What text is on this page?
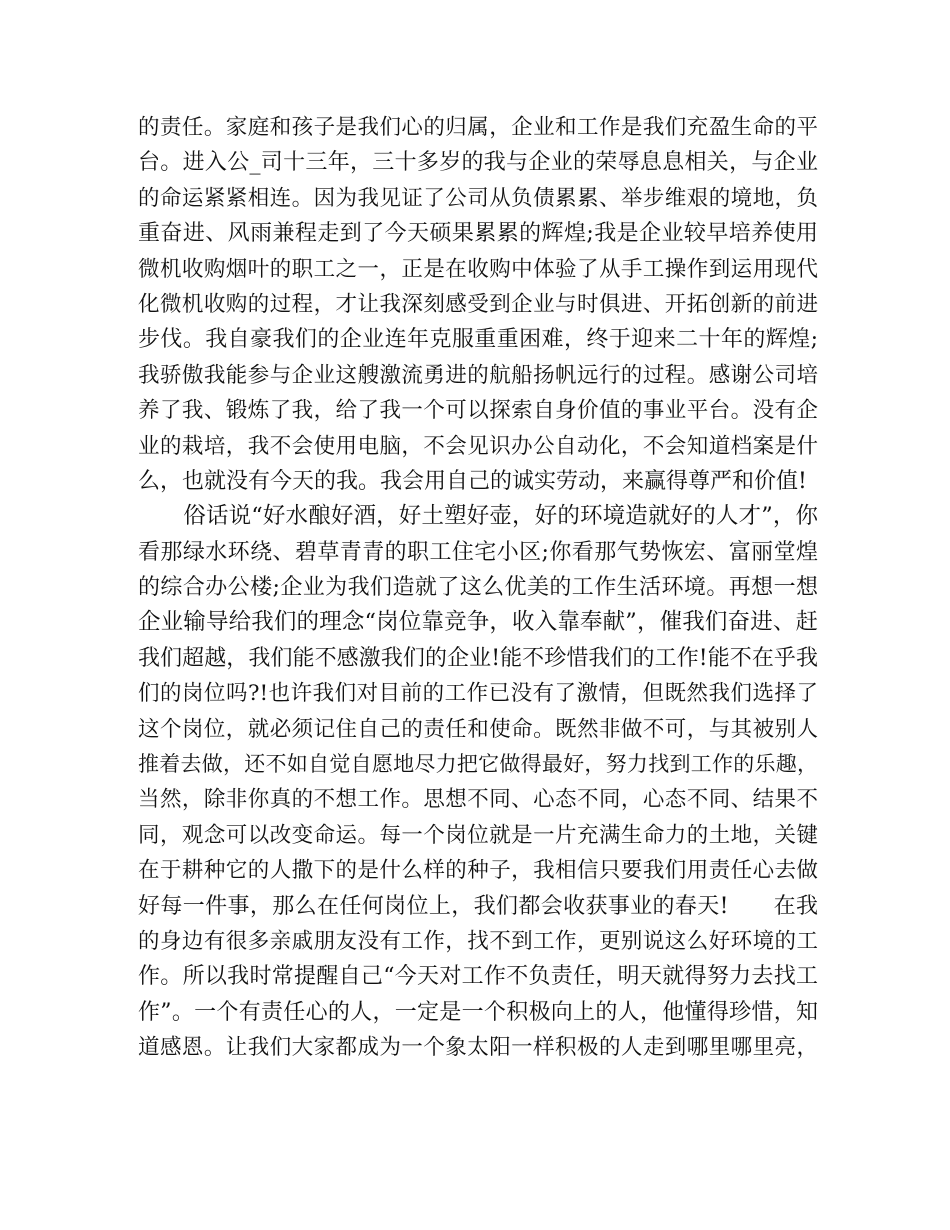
的责任。家庭和孩子是我们心的归属，企业和工作是我们充盈生命的平
台。进入公_司十三年，三十多岁的我与企业的荣辱息息相关，与企业
的命运紧紧相连。因为我见证了公司从负债累累、举步维艰的境地，负
重奋进、风雨兼程走到了今天硕果累累的辉煌;我是企业较早培养使用
微机收购烟叶的职工之一，正是在收购中体验了从手工操作到运用现代
化微机收购的过程，才让我深刻感受到企业与时俱进、开拓创新的前进
步伐。我自豪我们的企业连年克服重重困难，终于迎来二十年的辉煌;
我骄傲我能参与企业这艘激流勇进的航船扬帆远行的过程。感谢公司培
养了我、锻炼了我，给了我一个可以探索自身价值的事业平台。没有企
业的栽培，我不会使用电脑，不会见识办公自动化，不会知道档案是什
么，也就没有今天的我。我会用自己的诚实劳动，来赢得尊严和价值!
　　俗话说“好水酿好酒，好土塑好壶，好的环境造就好的人才”，你
看那绿水环绕、碧草青青的职工住宅小区;你看那气势恢宏、富丽堂煌
的综合办公楼;企业为我们造就了这么优美的工作生活环境。再想一想
企业输导给我们的理念“岗位靠竞争，收入靠奉献”，催我们奋进、赶
我们超越，我们能不感激我们的企业!能不珍惜我们的工作!能不在乎我
们的岗位吗?!也许我们对目前的工作已没有了激情，但既然我们选择了
这个岗位，就必须记住自己的责任和使命。既然非做不可，与其被别人
推着去做，还不如自觉自愿地尽力把它做得最好，努力找到工作的乐趣，
当然，除非你真的不想工作。思想不同、心态不同，心态不同、结果不
同，观念可以改变命运。每一个岗位就是一片充满生命力的土地，关键
在于耕种它的人撒下的是什么样的种子，我相信只要我们用责任心去做
好每一件事，那么在任何岗位上，我们都会收获事业的春天!　　在我
的身边有很多亲戚朋友没有工作，找不到工作，更别说这么好环境的工
作。所以我时常提醒自己“今天对工作不负责任，明天就得努力去找工
作”。一个有责任心的人，一定是一个积极向上的人，他懂得珍惜，知
道感恩。让我们大家都成为一个象太阳一样积极的人走到哪里哪里亮，
